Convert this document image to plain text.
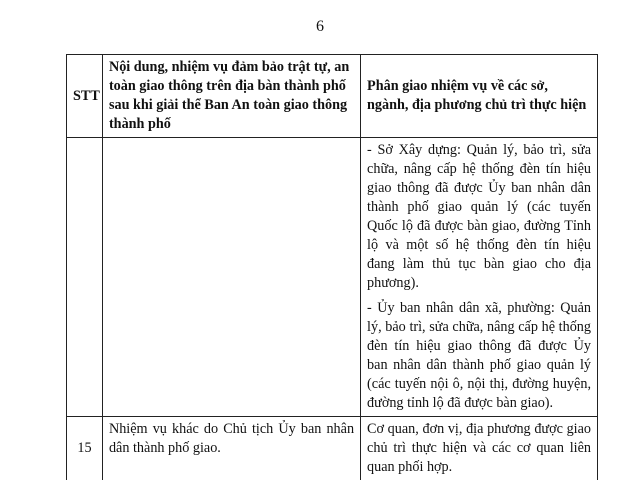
6
STT	Nội dung, nhiệm vụ đảm bảo trật tự, an toàn giao thông trên địa bàn thành phố sau khi giải thể Ban An toàn giao thông thành phố	Phân giao nhiệm vụ về các sở, ngành, địa phương chủ trì thực hiện

		- Sở Xây dựng: Quản lý, bảo trì, sửa chữa, nâng cấp hệ thống đèn tín hiệu giao thông đã được Ủy ban nhân dân thành phố giao quản lý (các tuyến Quốc lộ đã được bàn giao, đường Tỉnh lộ và một số hệ thống đèn tín hiệu đang làm thủ tục bàn giao cho địa phương).

- Ủy ban nhân dân xã, phường: Quản lý, bảo trì, sửa chữa, nâng cấp hệ thống đèn tín hiệu giao thông đã được Ủy ban nhân dân thành phố giao quản lý (các tuyến nội ô, nội thị, đường huyện, đường tỉnh lộ đã được bàn giao).

15	Nhiệm vụ khác do Chủ tịch Ủy ban nhân dân thành phố giao.	Cơ quan, đơn vị, địa phương được giao chủ trì thực hiện và các cơ quan liên quan phối hợp.
